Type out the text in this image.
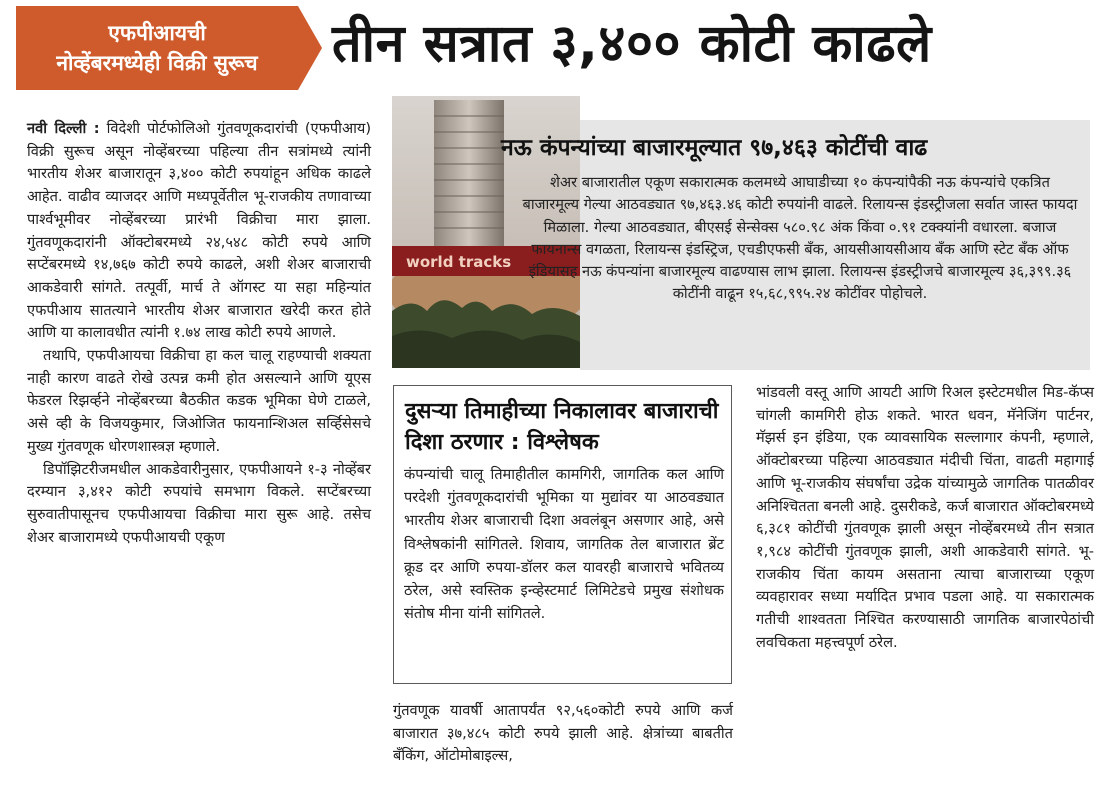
एफपीआयची
नोव्हेंबरमध्येही विक्री सुरूच	तीन सत्रात ३,४०० कोटी काढले

नवी दिल्ली : विदेशी पोर्टफोलिओ गुंतवणूकदारांची (एफपीआय) विक्री सुरूच असून नोव्हेंबरच्या पहिल्या तीन सत्रांमध्ये त्यांनी भारतीय शेअर बाजारातून ३,४०० कोटी रुपयांहून अधिक काढले आहेत. वाढीव व्याजदर आणि मध्यपूर्वेतील भू-राजकीय तणावाच्या पार्श्वभूमीवर नोव्हेंबरच्या प्रारंभी विक्रीचा मारा झाला. गुंतवणूकदारांनी ऑक्टोबरमध्ये २४,५४८ कोटी रुपये आणि सप्टेंबरमध्ये १४,७६७ कोटी रुपये काढले, अशी शेअर बाजाराची आकडेवारी सांगते. तत्पूर्वी, मार्च ते ऑगस्ट या सहा महिन्यांत एफपीआय सातत्याने भारतीय शेअर बाजारात खरेदी करत होते आणि या कालावधीत त्यांनी १.७४ लाख कोटी रुपये आणले.

तथापि, एफपीआयचा विक्रीचा हा कल चालू राहण्याची शक्यता नाही कारण वाढते रोखे उत्पन्न कमी होत असल्याने आणि यूएस फेडरल रिझर्व्हने नोव्हेंबरच्या बैठकीत कडक भूमिका घेणे टाळले, असे व्ही के विजयकुमार, जिओजित फायनान्शिअल सर्व्हिसेसचे मुख्य गुंतवणूक धोरणशास्त्रज्ञ म्हणाले.

डिपॉझिटरीजमधील आकडेवारीनुसार, एफपीआयने १-३ नोव्हेंबर दरम्यान ३,४१२ कोटी रुपयांचे समभाग विकले. सप्टेंबरच्या सुरुवातीपासूनच एफपीआयचा विक्रीचा मारा सुरू आहे. तसेच शेअर बाजारामध्ये एफपीआयची एकूण

world tracks
नऊ कंपन्यांच्या बाजारमूल्यात ९७,४६३ कोटींची वाढ
शेअर बाजारातील एकूण सकारात्मक कलमध्ये आघाडीच्या १० कंपन्यांपैकी नऊ कंपन्यांचे एकत्रित बाजारमूल्य गेल्या आठवड्यात ९७,४६३.४६ कोटी रुपयांनी वाढले. रिलायन्स इंडस्ट्रीजला सर्वात जास्त फायदा मिळाला. गेल्या आठवड्यात, बीएसई सेन्सेक्स ५८०.९८ अंक किंवा ०.९१ टक्क्यांनी वधारला. बजाज फायनान्स वगळता, रिलायन्स इंडस्ट्रिज, एचडीएफसी बँक, आयसीआयसीआय बँक आणि स्टेट बँक ऑफ इंडियासह नऊ कंपन्यांना बाजारमूल्य वाढण्यास लाभ झाला. रिलायन्स इंडस्ट्रीजचे बाजारमूल्य ३६,३९९.३६ कोटींनी वाढून १५,६८,९९५.२४ कोटींवर पोहोचले.
दुसऱ्या तिमाहीच्या निकालावर बाजाराची दिशा ठरणार : विश्लेषक
कंपन्यांची चालू तिमाहीतील कामगिरी, जागतिक कल आणि परदेशी गुंतवणूकदारांची भूमिका या मुद्यांवर या आठवड्यात भारतीय शेअर बाजाराची दिशा अवलंबून असणार आहे, असे विश्लेषकांनी सांगितले. शिवाय, जागतिक तेल बाजारात ब्रेंट क्रूड दर आणि रुपया-डॉलर कल यावरही बाजाराचे भवितव्य ठरेल, असे स्वस्तिक इन्व्हेस्टमार्ट लिमिटेडचे प्रमुख संशोधक संतोष मीना यांनी सांगितले.

गुंतवणूक यावर्षी आतापर्यंत ९२,५६०कोटी रुपये आणि कर्ज बाजारात ३७,४८५ कोटी रुपये झाली आहे. क्षेत्रांच्या बाबतीत बँकिंग, ऑटोमोबाइल्स,

भांडवली वस्तू आणि आयटी आणि रिअल इस्टेटमधील मिड-कॅप्स चांगली कामगिरी होऊ शकते. भारत धवन, मॅनेजिंग पार्टनर, मॅझर्स इन इंडिया, एक व्यावसायिक सल्लागार कंपनी, म्हणाले, ऑक्टोबरच्या पहिल्या आठवड्यात मंदीची चिंता, वाढती महागाई आणि भू-राजकीय संघर्षांचा उद्रेक यांच्यामुळे जागतिक पातळीवर अनिश्चितता बनली आहे. दुसरीकडे, कर्ज बाजारात ऑक्टोबरमध्ये ६,३८१ कोटींची गुंतवणूक झाली असून नोव्हेंबरमध्ये तीन सत्रात १,९८४ कोटींची गुंतवणूक झाली, अशी आकडेवारी सांगते. भू-राजकीय चिंता कायम असताना त्याचा बाजाराच्या एकूण व्यवहारावर सध्या मर्यादित प्रभाव पडला आहे. या सकारात्मक गतीची शाश्वतता निश्चित करण्यासाठी जागतिक बाजारपेठांची लवचिकता महत्त्वपूर्ण ठरेल.
